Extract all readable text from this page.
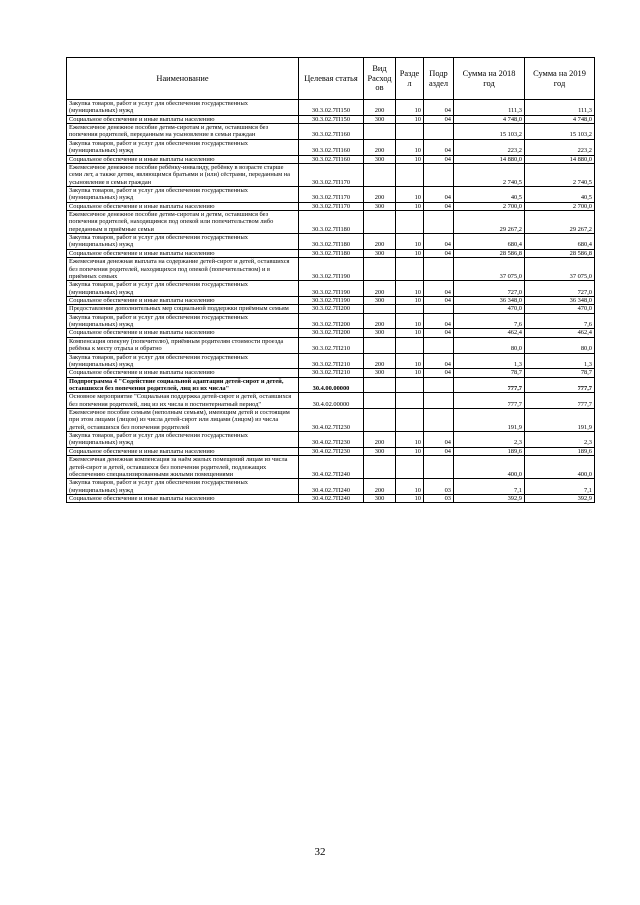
Наименование	Целевая статья	Вид Расход ов	Разде л	Подр аздел	Сумма на 2018 год	Сумма на 2019 год
Закупка товаров, работ и услуг для обеспечения государственных (муниципальных) нужд	30.3.02.7П150	200	10	04	111,3	111,3
Социальное обеспечение и иные выплаты населению	30.3.02.7П150	300	10	04	4 748,0	4 748,0
Ежемесячное денежное пособие детям-сиротам и детям, оставшимся без попечения родителей, переданным на усыновление в семьи граждан	30.3.02.7П160				15 103,2	15 103,2
Закупка товаров, работ и услуг для обеспечения государственных (муниципальных) нужд	30.3.02.7П160	200	10	04	223,2	223,2
Социальное обеспечение и иные выплаты населению	30.3.02.7П160	300	10	04	14 880,0	14 880,0
Ежемесячное денежное пособие ребёнку-инвалиду, ребёнку в возрасте старше семи лет, а также детям, являющимся братьями и (или) сёстрами, переданным на усыновление в семьи граждан	30.3.02.7П170				2 740,5	2 740,5
Закупка товаров, работ и услуг для обеспечения государственных (муниципальных) нужд	30.3.02.7П170	200	10	04	40,5	40,5
Социальное обеспечение и иные выплаты населению	30.3.02.7П170	300	10	04	2 700,0	2 700,0
Ежемесячное денежное пособие детям-сиротам и детям, оставшимся без попечения родителей, находящимся под опекой или попечительством либо переданным в приёмные семьи	30.3.02.7П180				29 267,2	29 267,2
Закупка товаров, работ и услуг для обеспечения государственных (муниципальных) нужд	30.3.02.7П180	200	10	04	680,4	680,4
Социальное обеспечение и иные выплаты населению	30.3.02.7П180	300	10	04	28 586,8	28 586,8
Ежемесячная денежная выплата на содержание детей-сирот и детей, оставшихся без попечения родителей, находящихся под опекой (попечительством) и в приёмных семьях	30.3.02.7П190				37 075,0	37 075,0
Закупка товаров, работ и услуг для обеспечения государственных (муниципальных) нужд	30.3.02.7П190	200	10	04	727,0	727,0
Социальное обеспечение и иные выплаты населению	30.3.02.7П190	300	10	04	36 348,0	36 348,0
Предоставление дополнительных мер социальной поддержки приёмным семьям	30.3.02.7П200				470,0	470,0
Закупка товаров, работ и услуг для обеспечения государственных (муниципальных) нужд	30.3.02.7П200	200	10	04	7,6	7,6
Социальное обеспечение и иные выплаты населению	30.3.02.7П200	300	10	04	462,4	462,4
Компенсация опекуну (попечителю), приёмным родителям стоимости проезда ребёнка к месту отдыха и обратно	30.3.02.7П210				80,0	80,0
Закупка товаров, работ и услуг для обеспечения государственных (муниципальных) нужд	30.3.02.7П210	200	10	04	1,3	1,3
Социальное обеспечение и иные выплаты населению	30.3.02.7П210	300	10	04	78,7	78,7
Подпрограмма 4 "Содействие социальной адаптации детей-сирот и детей, оставшихся без попечения родителей, лиц из их числа"	30.4.00.00000				777,7	777,7
Основное мероприятие "Социальная поддержка детей-сирот и детей, оставшихся без попечения родителей, лиц из их числа в постинтернатный период"	30.4.02.00000				777,7	777,7
Ежемесячное пособие семьям (неполным семьям), имеющим детей и состоящим при этом лицами (лицом) из числа детей-сирот или лицами (лицом) из числа детей, оставшихся без попечения родителей	30.4.02.7П230				191,9	191,9
Закупка товаров, работ и услуг для обеспечения государственных (муниципальных) нужд	30.4.02.7П230	200	10	04	2,3	2,3
Социальное обеспечение и иные выплаты населению	30.4.02.7П230	300	10	04	189,6	189,6
Ежемесячная денежная компенсация за наём жилых помещений лицам из числа детей-сирот и детей, оставшихся без попечения родителей, подлежащих обеспечению специализированными жилыми помещениями	30.4.02.7П240				400,0	400,0
Закупка товаров, работ и услуг для обеспечения государственных (муниципальных) нужд	30.4.02.7П240	200	10	03	7,1	7,1
Социальное обеспечение и иные выплаты населению	30.4.02.7П240	300	10	03	392,9	392,9
32
